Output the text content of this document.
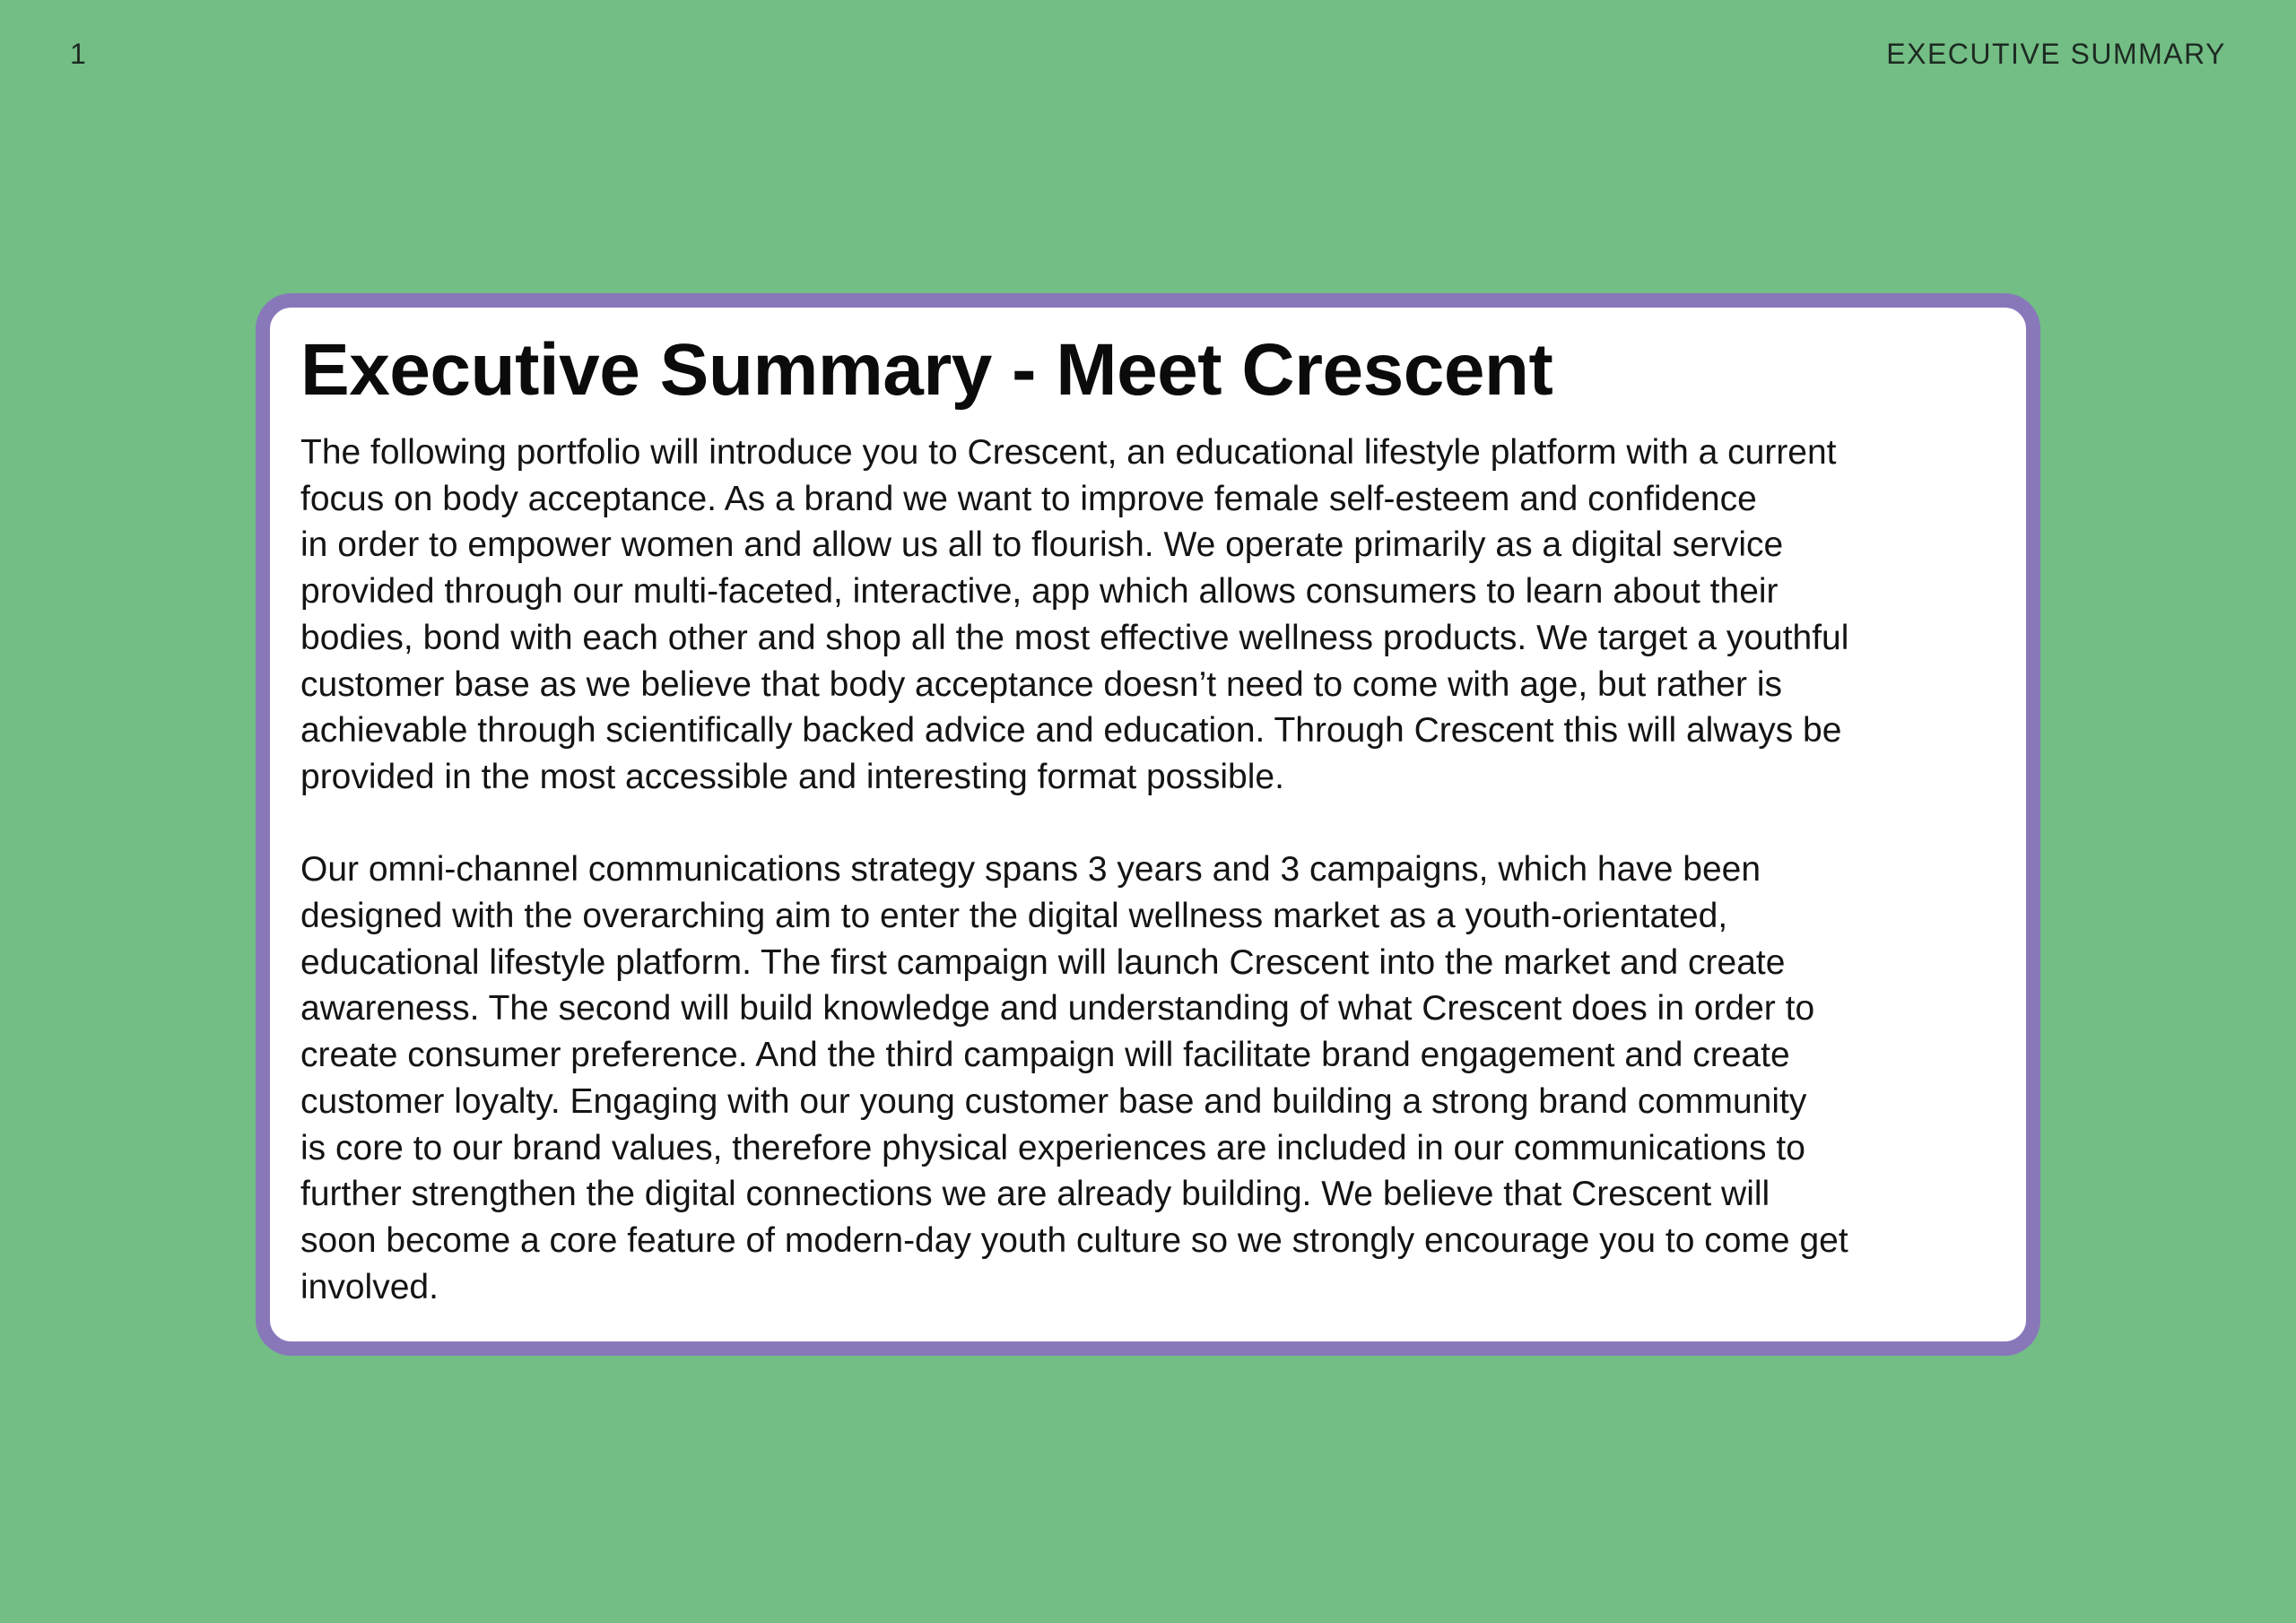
1	EXECUTIVE SUMMARY
Executive Summary - Meet Crescent

The following portfolio will introduce you to Crescent, an educational lifestyle platform with a current
focus on body acceptance. As a brand we want to improve female self-esteem and confidence
in order to empower women and allow us all to flourish. We operate primarily as a digital service
provided through our multi-faceted, interactive, app which allows consumers to learn about their
bodies, bond with each other and shop all the most effective wellness products. We target a youthful
customer base as we believe that body acceptance doesn’t need to come with age, but rather is
achievable through scientifically backed advice and education. Through Crescent this will always be
provided in the most accessible and interesting format possible.

Our omni-channel communications strategy spans 3 years and 3 campaigns, which have been
designed with the overarching aim to enter the digital wellness market as a youth-orientated,
educational lifestyle platform. The first campaign will launch Crescent into the market and create
awareness. The second will build knowledge and understanding of what Crescent does in order to
create consumer preference. And the third campaign will facilitate brand engagement and create
customer loyalty. Engaging with our young customer base and building a strong brand community
is core to our brand values, therefore physical experiences are included in our communications to
further strengthen the digital connections we are already building. We believe that Crescent will
soon become a core feature of modern-day youth culture so we strongly encourage you to come get
involved.
